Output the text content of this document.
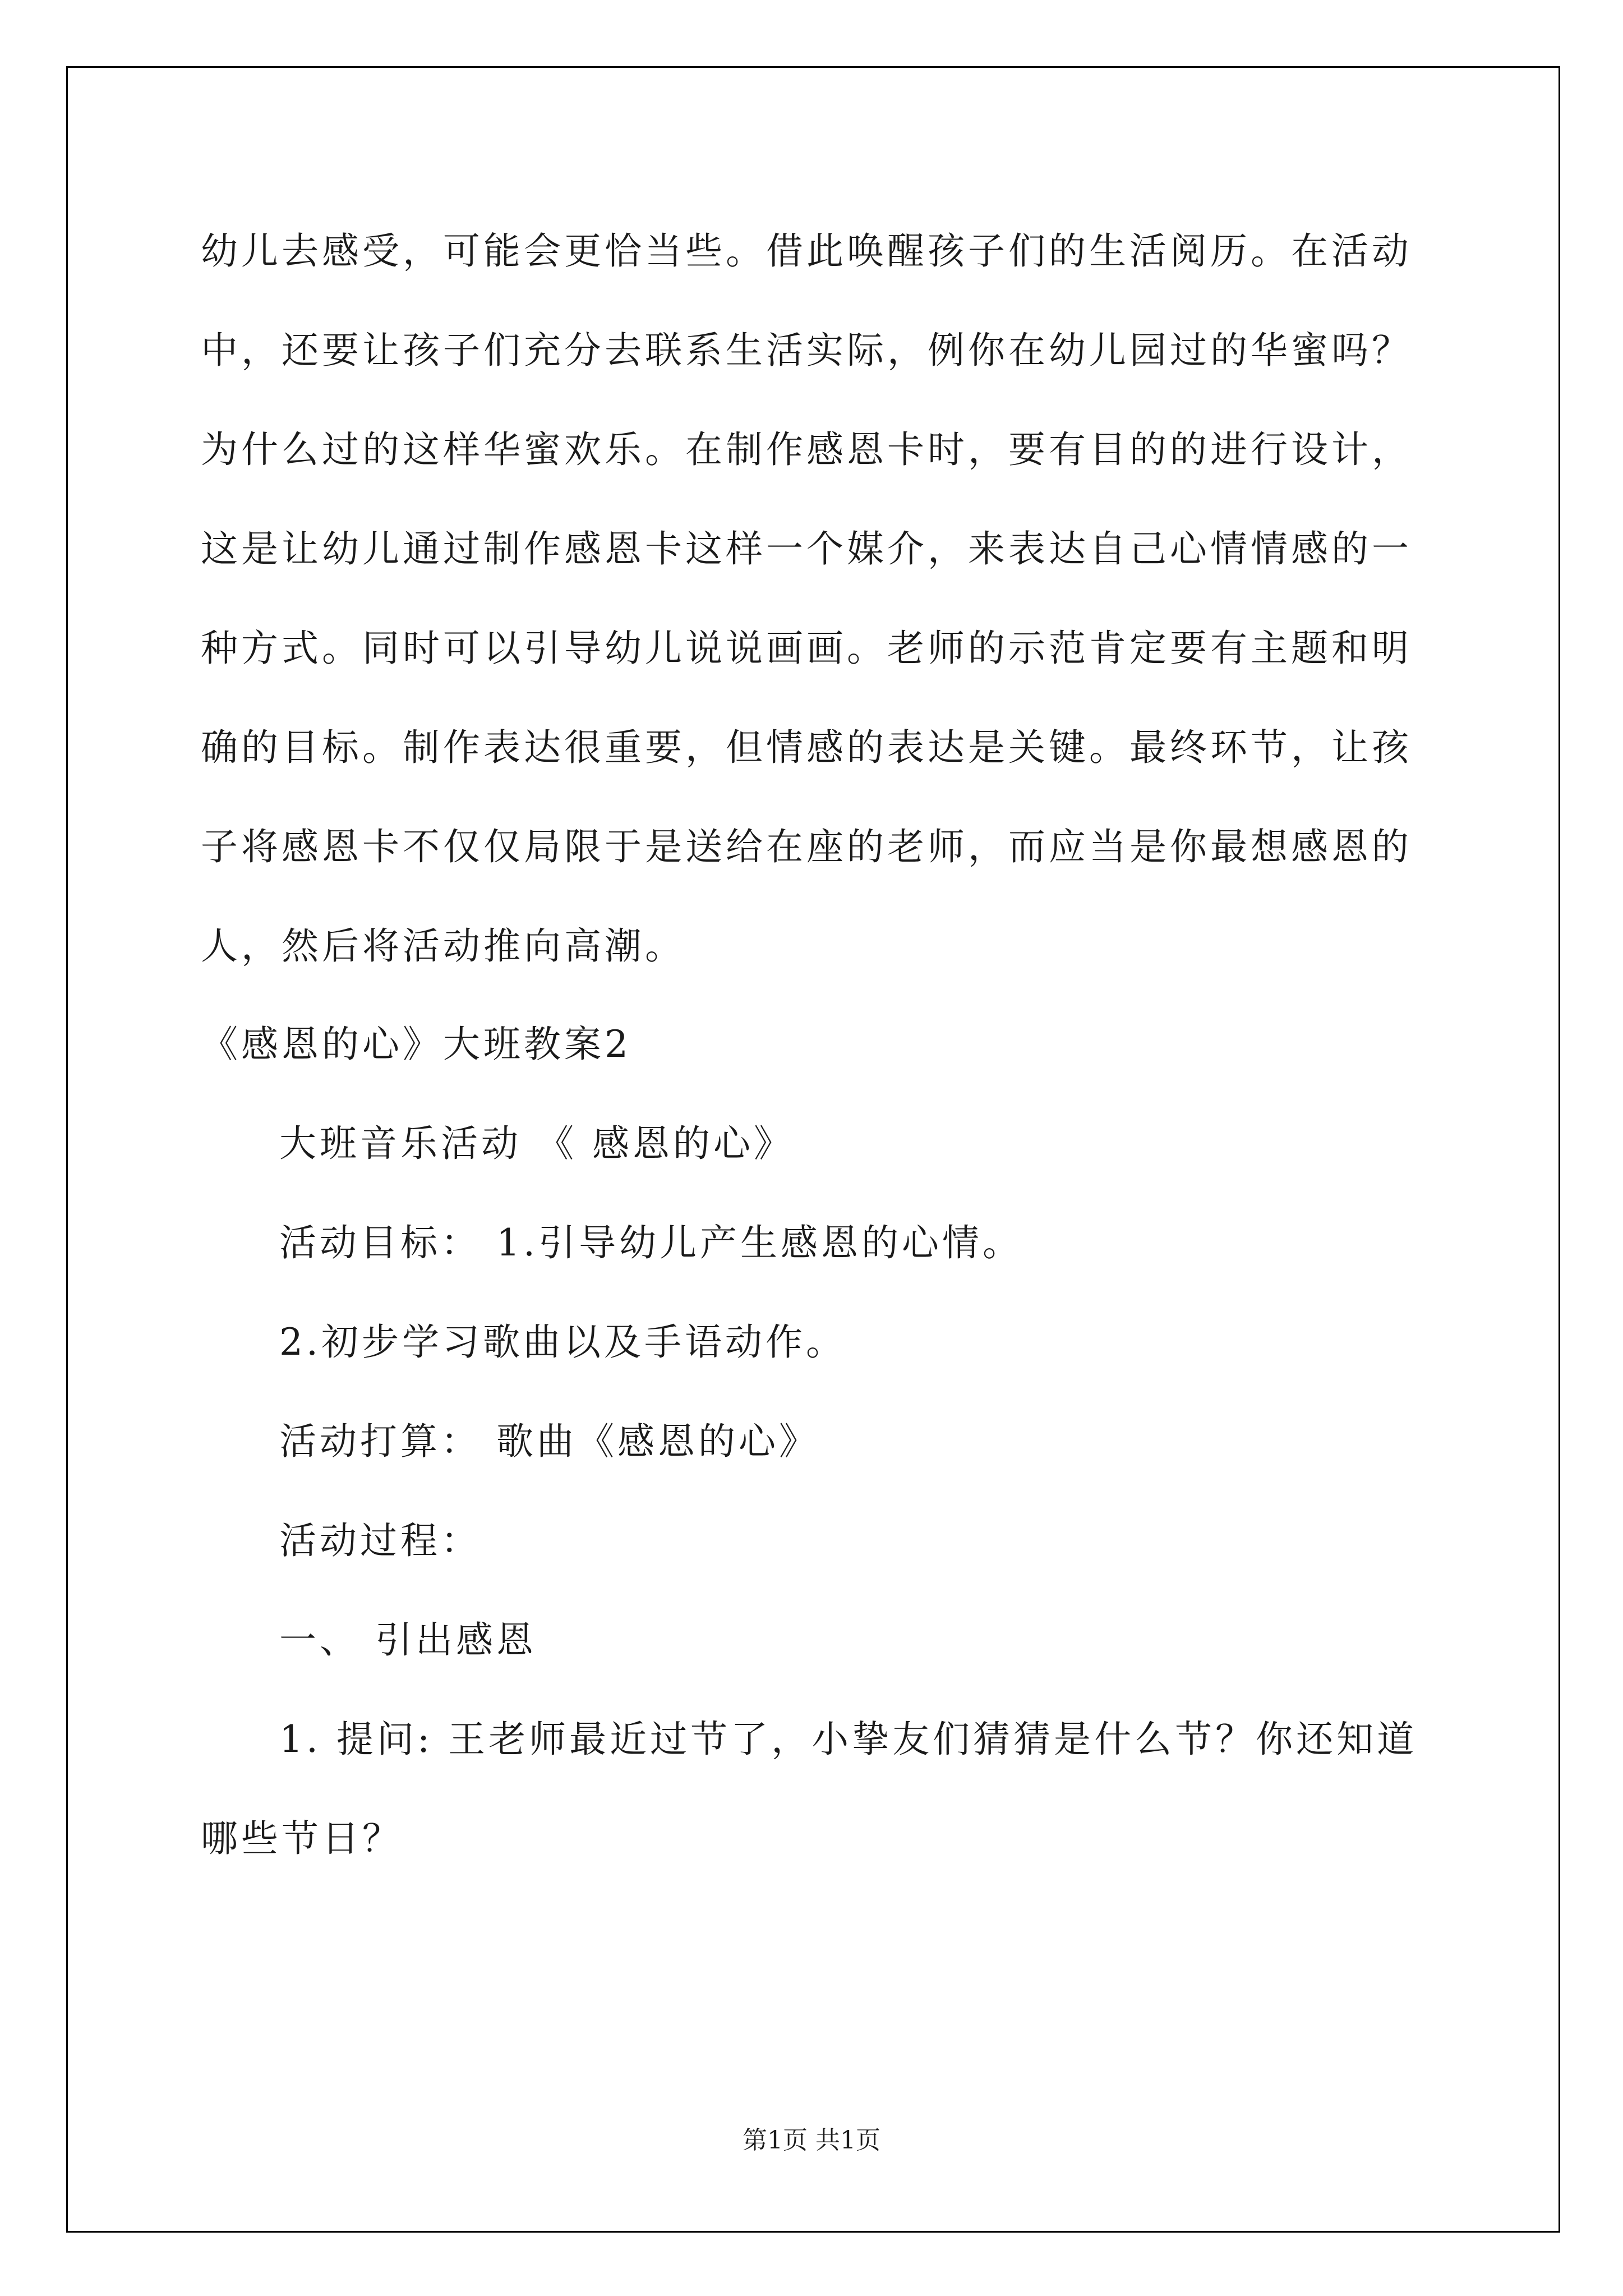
幼儿去感受，可能会更恰当些。借此唤醒孩子们的生活阅历。在活动
中，还要让孩子们充分去联系生活实际，例你在幼儿园过的华蜜吗？
为什么过的这样华蜜欢乐。在制作感恩卡时，要有目的的进行设计，
这是让幼儿通过制作感恩卡这样一个媒介，来表达自己心情情感的一
种方式。同时可以引导幼儿说说画画。老师的示范肯定要有主题和明
确的目标。制作表达很重要，但情感的表达是关键。最终环节，让孩
子将感恩卡不仅仅局限于是送给在座的老师，而应当是你最想感恩的
人，然后将活动推向高潮。
《感恩的心》大班教案2
大班音乐活动 《 感恩的心》
活动目标： 1.引导幼儿产生感恩的心情。
2.初步学习歌曲以及手语动作。
活动打算： 歌曲《感恩的心》
活动过程：
一、 引出感恩
1. 提问: 王老师最近过节了，小挚友们猜猜是什么节？你还知道
哪些节日？
第1页 共1页
